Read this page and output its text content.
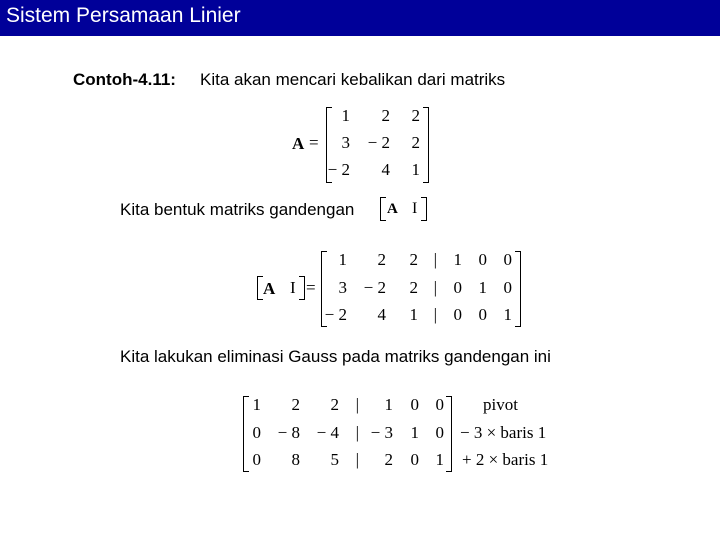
Sistem Persamaan Linier
Contoh-4.11: Kita akan mencari kebalikan dari matriks
A =
1 2 2
3 − 2 2
− 2 4 1
Kita bentuk matriks gandengan A I
A I =
1 2 2 | 1 0 0
3 − 2 2 | 0 1 0
− 2 4 1 | 0 0 1
Kita lakukan eliminasi Gauss pada matriks gandengan ini
1 2 2 | 1 0 0
0 − 8 − 4 | − 3 1 0
0 8 5 | 2 0 1
pivot
− 3 × baris 1
+ 2 × baris 1
